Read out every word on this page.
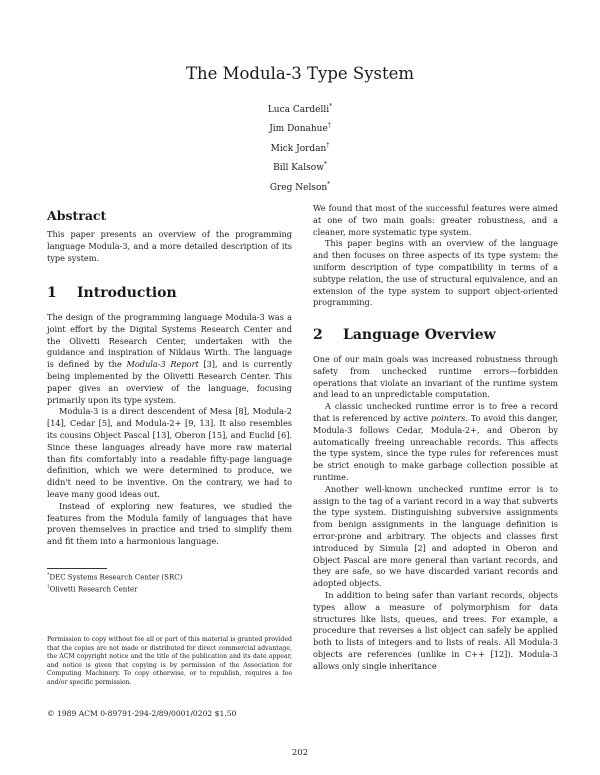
The Modula-3 Type System
Luca Cardelli*
Jim Donahue†
Mick Jordan†
Bill Kalsow*
Greg Nelson*
Abstract

This paper presents an overview of the programming language Modula-3, and a more detailed description of its type system.

1 Introduction

The design of the programming language Modula-3 was a joint effort by the Digital Systems Research Center and the Olivetti Research Center, undertaken with the guidance and inspiration of Niklaus Wirth. The language is defined by the Modula-3 Report [3], and is currently being implemented by the Olivetti Research Center. This paper gives an overview of the language, focusing primarily upon its type system.

Modula-3 is a direct descendent of Mesa [8], Modula-2 [14], Cedar [5], and Modula-2+ [9, 13]. It also resembles its cousins Object Pascal [13], Oberon [15], and Euclid [6]. Since these languages already have more raw material than fits comfortably into a readable fifty-page language definition, which we were determined to produce, we didn't need to be inventive. On the contrary, we had to leave many good ideas out.

Instead of exploring new features, we studied the features from the Modula family of languages that have proven themselves in practice and tried to simplify them and fit them into a harmonious language.

*DEC Systems Research Center (SRC)
†Olivetti Research Center
Permission to copy without fee all or part of this material is granted provided that the copies are not made or distributed for direct commercial advantage, the ACM copyright notice and the title of the publication and its date appear, and notice is given that copying is by permission of the Association for Computing Machinery. To copy otherwise, or to republish, requires a fee and/or specific permission.
© 1989 ACM 0-89791-294-2/89/0001/0202 $1.50

We found that most of the successful features were aimed at one of two main goals: greater robustness, and a cleaner, more systematic type system.

This paper begins with an overview of the language and then focuses on three aspects of its type system: the uniform description of type compatibility in terms of a subtype relation, the use of structural equivalence, and an extension of the type system to support object-oriented programming.

2 Language Overview

One of our main goals was increased robustness through safety from unchecked runtime errors—forbidden operations that violate an invariant of the runtime system and lead to an unpredictable computation.

A classic unchecked runtime error is to free a record that is referenced by active pointers. To avoid this danger, Modula-3 follows Cedar, Modula-2+, and Oberon by automatically freeing unreachable records. This affects the type system, since the type rules for references must be strict enough to make garbage collection possible at runtime.

Another well-known unchecked runtime error is to assign to the tag of a variant record in a way that subverts the type system. Distinguishing subversive assignments from benign assignments in the language definition is error-prone and arbitrary. The objects and classes first introduced by Simula [2] and adopted in Oberon and Object Pascal are more general than variant records, and they are safe, so we have discarded variant records and adopted objects.

In addition to being safer than variant records, objects types allow a measure of polymorphism for data structures like lists, queues, and trees. For example, a procedure that reverses a list object can safely be applied both to lists of integers and to lists of reals. All Modula-3 objects are references (unlike in C++ [12]). Modula-3 allows only single inheritance

202
